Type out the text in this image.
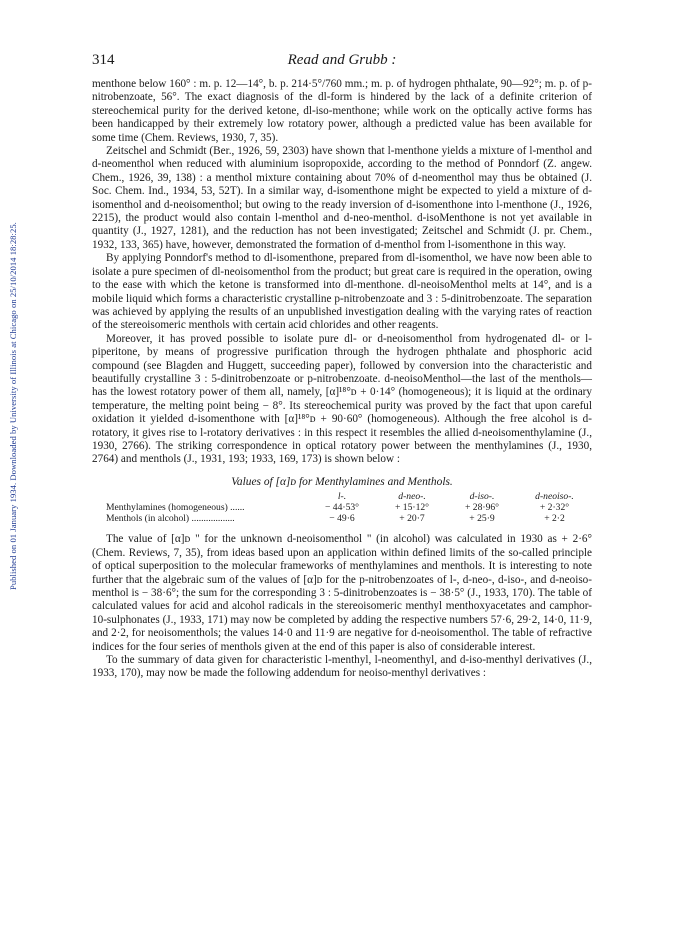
Published on 01 January 1934. Downloaded by University of Illinois at Chicago on 25/10/2014 18:28:25.
314	Read and Grubb :

menthone below 160° : m. p. 12—14°, b. p. 214·5°/760 mm.; m. p. of hydrogen phthalate, 90—92°; m. p. of p-nitrobenzoate, 56°. The exact diagnosis of the dl-form is hindered by the lack of a definite criterion of stereochemical purity for the derived ketone, dl-iso-menthone; while work on the optically active forms has been handicapped by their extremely low rotatory power, although a predicted value has been available for some time (Chem. Reviews, 1930, 7, 35).

Zeitschel and Schmidt (Ber., 1926, 59, 2303) have shown that l-menthone yields a mixture of l-menthol and d-neomenthol when reduced with aluminium isopropoxide, according to the method of Ponndorf (Z. angew. Chem., 1926, 39, 138) : a menthol mixture containing about 70% of d-neomenthol may thus be obtained (J. Soc. Chem. Ind., 1934, 53, 52T). In a similar way, d-isomenthone might be expected to yield a mixture of d-isomenthol and d-neoisomenthol; but owing to the ready inversion of d-isomenthone into l-menthone (J., 1926, 2215), the product would also contain l-menthol and d-neo-menthol. d-isoMenthone is not yet available in quantity (J., 1927, 1281), and the reduction has not been investigated; Zeitschel and Schmidt (J. pr. Chem., 1932, 133, 365) have, however, demonstrated the formation of d-menthol from l-isomenthone in this way.

By applying Ponndorf's method to dl-isomenthone, prepared from dl-isomenthol, we have now been able to isolate a pure specimen of dl-neoisomenthol from the product; but great care is required in the operation, owing to the ease with which the ketone is transformed into dl-menthone. dl-neoisoMenthol melts at 14°, and is a mobile liquid which forms a characteristic crystalline p-nitrobenzoate and 3 : 5-dinitrobenzoate. The separation was achieved by applying the results of an unpublished investigation dealing with the varying rates of reaction of the stereoisomeric menthols with certain acid chlorides and other reagents.

Moreover, it has proved possible to isolate pure dl- or d-neoisomenthol from hydrogenated dl- or l-piperitone, by means of progressive purification through the hydrogen phthalate and phosphoric acid compound (see Blagden and Huggett, succeeding paper), followed by conversion into the characteristic and beautifully crystalline 3 : 5-dinitrobenzoate or p-nitrobenzoate. d-neoisoMenthol—the last of the menthols—has the lowest rotatory power of them all, namely, [α]¹⁸°ᴅ + 0·14° (homogeneous); it is liquid at the ordinary temperature, the melting point being − 8°. Its stereochemical purity was proved by the fact that upon careful oxidation it yielded d-isomenthone with [α]¹⁸°ᴅ + 90·60° (homogeneous). Although the free alcohol is d-rotatory, it gives rise to l-rotatory derivatives : in this respect it resembles the allied d-neoisomenthylamine (J., 1930, 2766). The striking correspondence in optical rotatory power between the menthylamines (J., 1930, 2764) and menthols (J., 1931, 193; 1933, 169, 173) is shown below :

Values of [α]ᴅ for Menthylamines and Menthols.
	l-.	d-neo-.	d-iso-.	d-neoiso-.
Menthylamines (homogeneous) ......	− 44·53°	+ 15·12°	+ 28·96°	+ 2·32°
Menthols (in alcohol) ..................	− 49·6	+ 20·7	+ 25·9	+ 2·2

The value of [α]ᴅ " for the unknown d-neoisomenthol " (in alcohol) was calculated in 1930 as + 2·6° (Chem. Reviews, 7, 35), from ideas based upon an application within defined limits of the so-called principle of optical superposition to the molecular frameworks of menthylamines and menthols. It is interesting to note further that the algebraic sum of the values of [α]ᴅ for the p-nitrobenzoates of l-, d-neo-, d-iso-, and d-neoiso-menthol is − 38·6°; the sum for the corresponding 3 : 5-dinitrobenzoates is − 38·5° (J., 1933, 170). The table of calculated values for acid and alcohol radicals in the stereoisomeric menthyl menthoxyacetates and camphor-10-sulphonates (J., 1933, 171) may now be completed by adding the respective numbers 57·6, 29·2, 14·0, 11·9, and 2·2, for neoisomenthols; the values 14·0 and 11·9 are negative for d-neoisomenthol. The table of refractive indices for the four series of menthols given at the end of this paper is also of considerable interest.

To the summary of data given for characteristic l-menthyl, l-neomenthyl, and d-iso-menthyl derivatives (J., 1933, 170), may now be made the following addendum for neoiso-menthyl derivatives :
